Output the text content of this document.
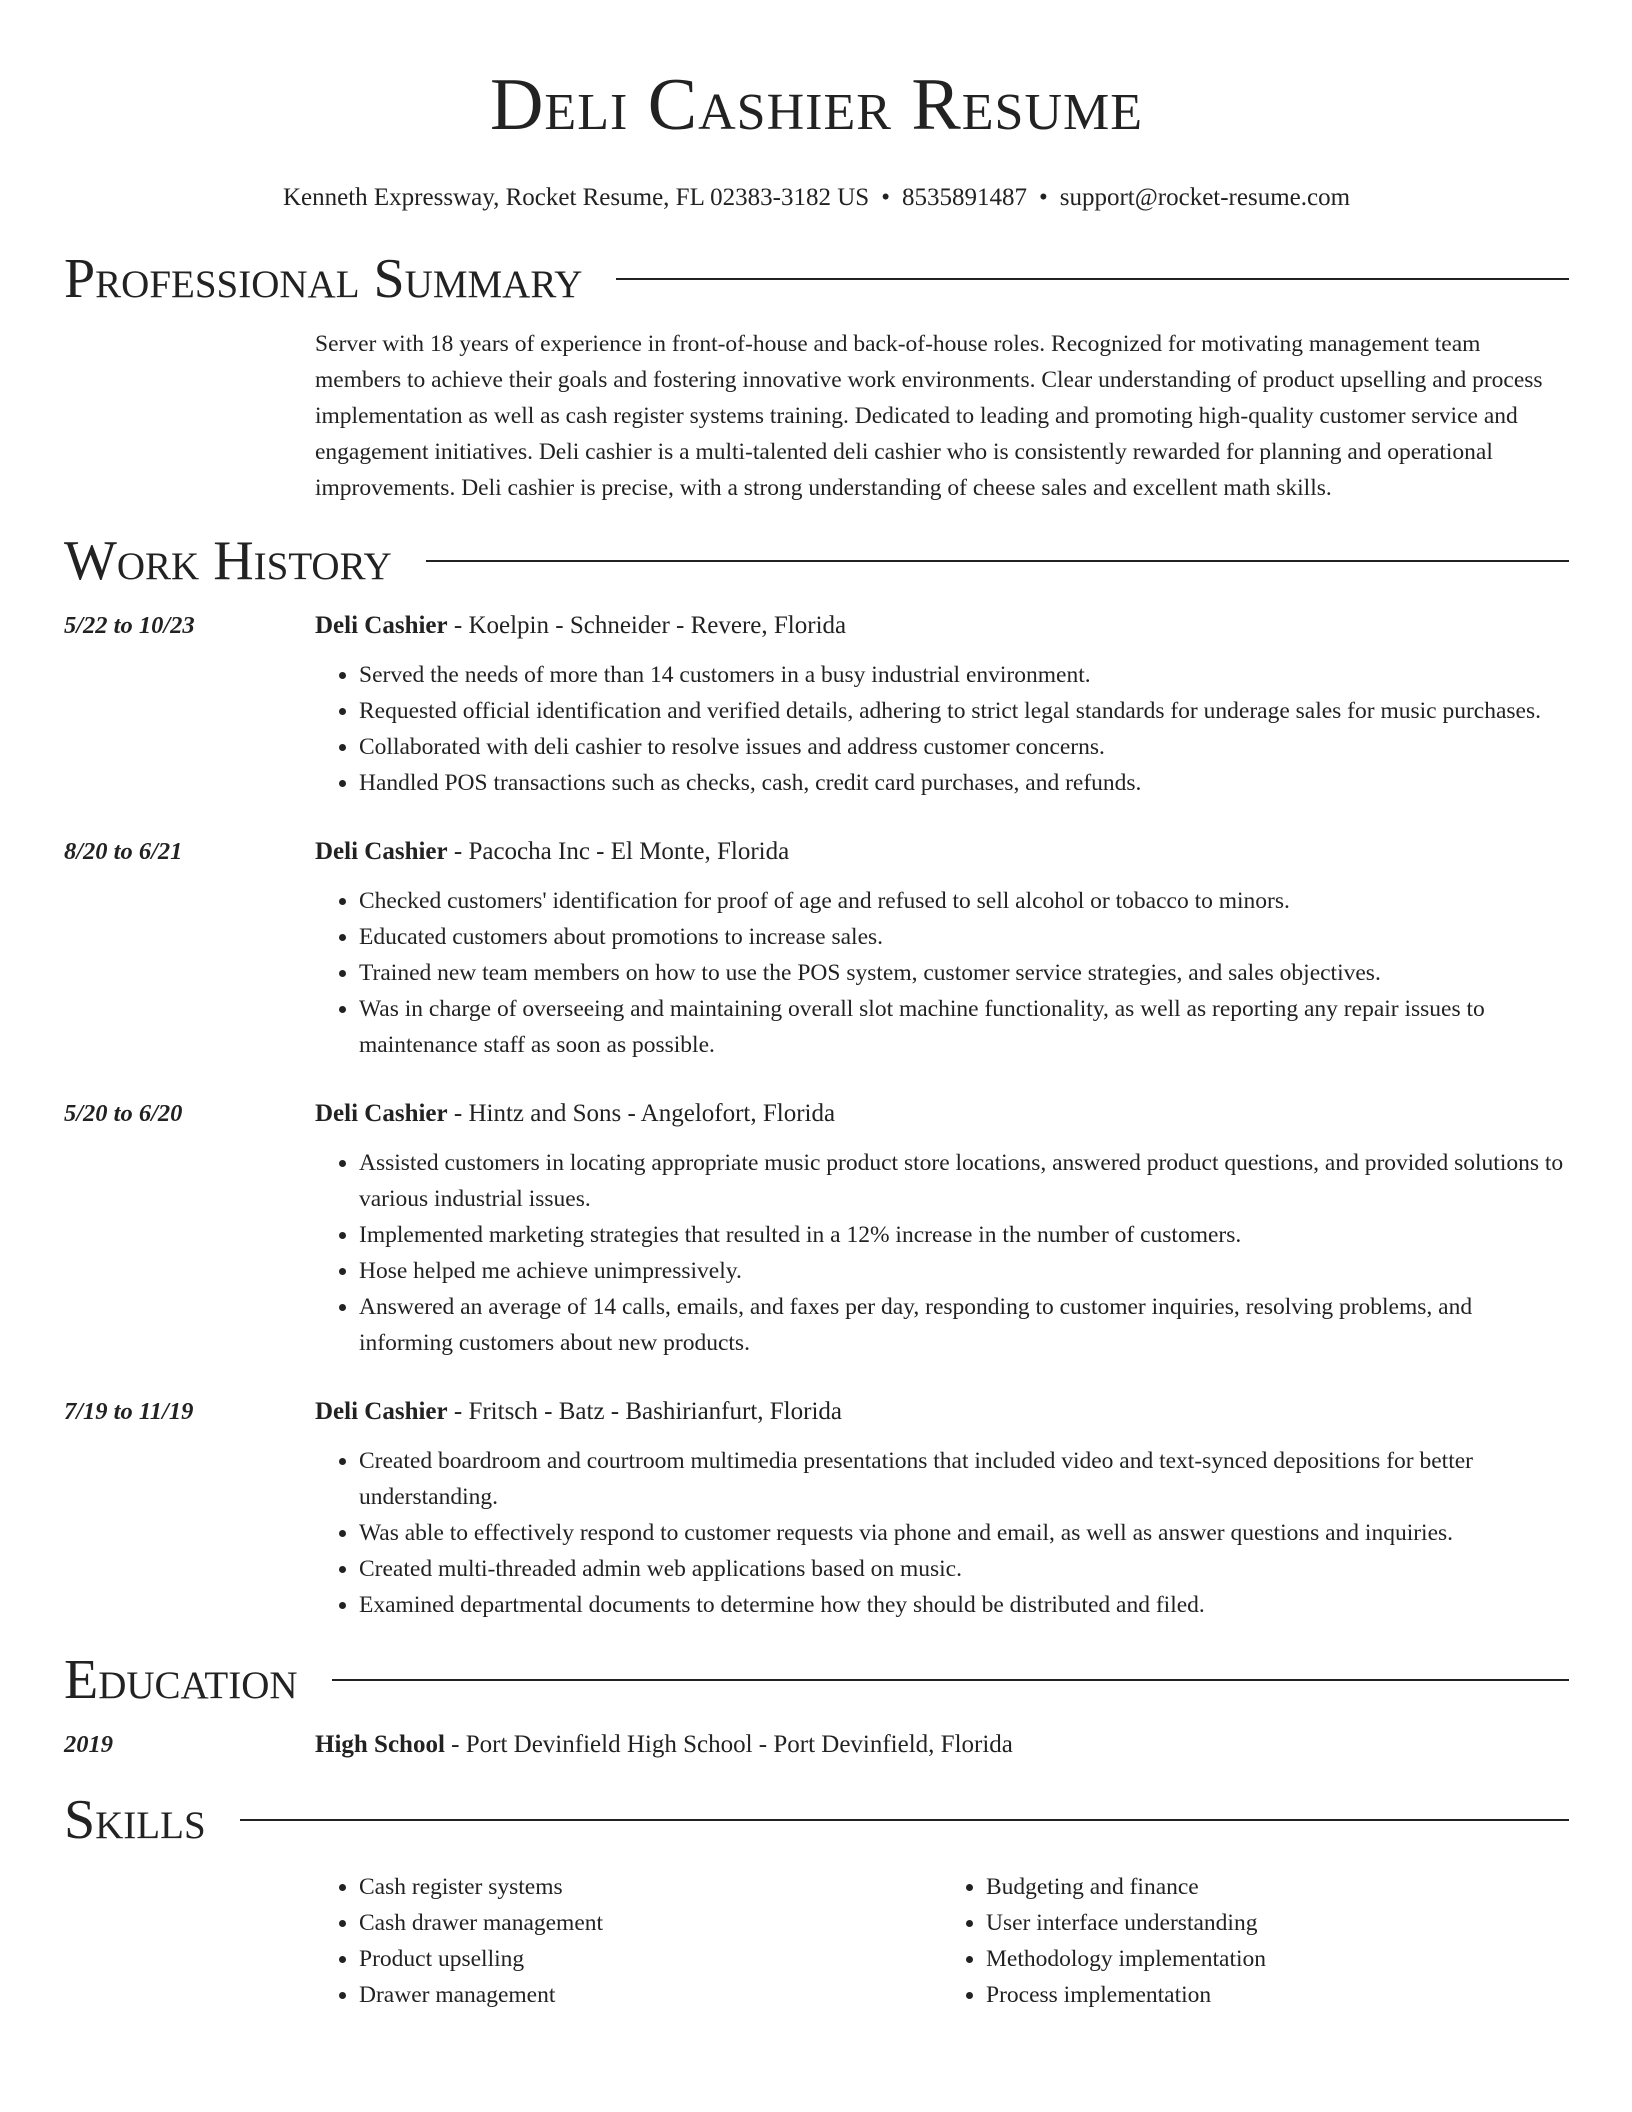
Deli Cashier Resume
Kenneth Expressway, Rocket Resume, FL 02383-3182 US • 8535891487 • support@rocket-resume.com
Professional Summary

Server with 18 years of experience in front-of-house and back-of-house roles. Recognized for motivating management team members to achieve their goals and fostering innovative work environments. Clear understanding of product upselling and process implementation as well as cash register systems training. Dedicated to leading and promoting high-quality customer service and engagement initiatives. Deli cashier is a multi-talented deli cashier who is consistently rewarded for planning and operational improvements. Deli cashier is precise, with a strong understanding of cheese sales and excellent math skills.

Work History
5/22 to 10/23	Deli Cashier - Koelpin - Schneider - Revere, Florida
• Served the needs of more than 14 customers in a busy industrial environment.
• Requested official identification and verified details, adhering to strict legal standards for underage sales for music purchases.
• Collaborated with deli cashier to resolve issues and address customer concerns.
• Handled POS transactions such as checks, cash, credit card purchases, and refunds.
8/20 to 6/21	Deli Cashier - Pacocha Inc - El Monte, Florida
• Checked customers' identification for proof of age and refused to sell alcohol or tobacco to minors.
• Educated customers about promotions to increase sales.
• Trained new team members on how to use the POS system, customer service strategies, and sales objectives.
• Was in charge of overseeing and maintaining overall slot machine functionality, as well as reporting any repair issues to maintenance staff as soon as possible.
5/20 to 6/20	Deli Cashier - Hintz and Sons - Angelofort, Florida
• Assisted customers in locating appropriate music product store locations, answered product questions, and provided solutions to various industrial issues.
• Implemented marketing strategies that resulted in a 12% increase in the number of customers.
• Hose helped me achieve unimpressively.
• Answered an average of 14 calls, emails, and faxes per day, responding to customer inquiries, resolving problems, and informing customers about new products.
7/19 to 11/19	Deli Cashier - Fritsch - Batz - Bashirianfurt, Florida
• Created boardroom and courtroom multimedia presentations that included video and text-synced depositions for better understanding.
• Was able to effectively respond to customer requests via phone and email, as well as answer questions and inquiries.
• Created multi-threaded admin web applications based on music.
• Examined departmental documents to determine how they should be distributed and filed.
Education
2019	High School - Port Devinfield High School - Port Devinfield, Florida
Skills
• Cash register systems
• Cash drawer management
• Product upselling
• Drawer management
• Budgeting and finance
• User interface understanding
• Methodology implementation
• Process implementation
